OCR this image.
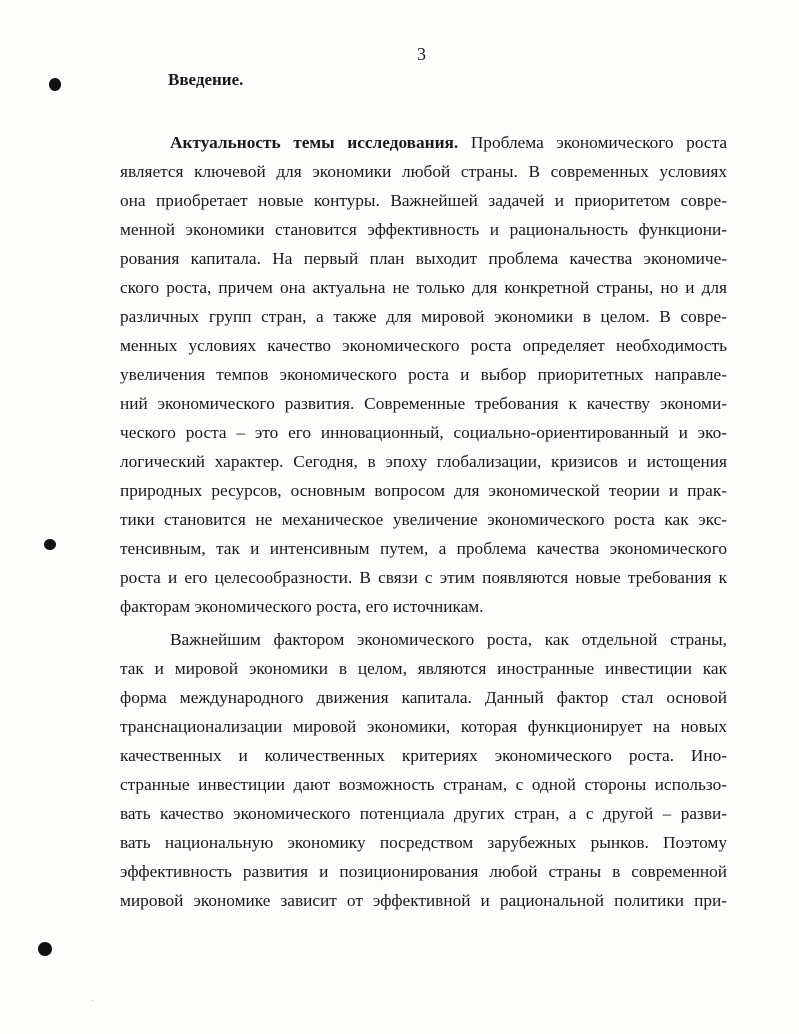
3
Введение.
Актуальность темы исследования. Проблема экономического роста
является ключевой для экономики любой страны. В современных условиях
она приобретает новые контуры. Важнейшей задачей и приоритетом совре-
менной экономики становится эффективность и рациональность функциони-
рования капитала. На первый план выходит проблема качества экономиче-
ского роста, причем она актуальна не только для конкретной страны, но и для
различных групп стран, а также для мировой экономики в целом. В совре-
менных условиях качество экономического роста определяет необходимость
увеличения темпов экономического роста и выбор приоритетных направле-
ний экономического развития. Современные требования к качеству экономи-
ческого роста – это его инновационный, социально-ориентированный и эко-
логический характер. Сегодня, в эпоху глобализации, кризисов и истощения
природных ресурсов, основным вопросом для экономической теории и прак-
тики становится не механическое увеличение экономического роста как экс-
тенсивным, так и интенсивным путем, а проблема качества экономического
роста и его целесообразности. В связи с этим появляются новые требования к
факторам экономического роста, его источникам.
Важнейшим фактором экономического роста, как отдельной страны,
так и мировой экономики в целом, являются иностранные инвестиции как
форма международного движения капитала. Данный фактор стал основой
транснационализации мировой экономики, которая функционирует на новых
качественных и количественных критериях экономического роста. Ино-
странные инвестиции дают возможность странам, с одной стороны использо-
вать качество экономического потенциала других стран, а с другой – разви-
вать национальную экономику посредством зарубежных рынков. Поэтому
эффективность развития и позиционирования любой страны в современной
мировой экономике зависит от эффективной и рациональной политики при-
